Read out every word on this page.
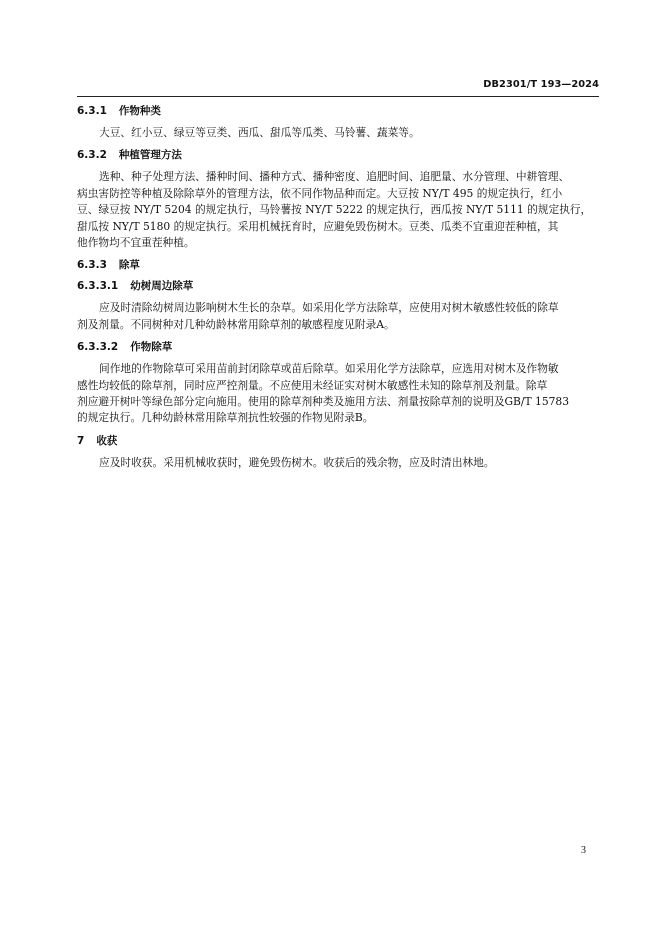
DB2301/T 193—2024
6.3.1 作物种类

大豆、红小豆、绿豆等豆类、西瓜、甜瓜等瓜类、马铃薯、蔬菜等。

6.3.2 种植管理方法

选种、种子处理方法、播种时间、播种方式、播种密度、追肥时间、追肥量、水分管理、中耕管理、
病虫害防控等种植及除除草外的管理方法，依不同作物品种而定。大豆按 NY/T 495 的规定执行，红小
豆、绿豆按 NY/T 5204 的规定执行，马铃薯按 NY/T 5222 的规定执行，西瓜按 NY/T 5111 的规定执行，
甜瓜按 NY/T 5180 的规定执行。采用机械抚育时，应避免毁伤树木。豆类、瓜类不宜重迎茬种植，其
他作物均不宜重茬种植。

6.3.3 除草
6.3.3.1 幼树周边除草

应及时清除幼树周边影响树木生长的杂草。如采用化学方法除草，应使用对树木敏感性较低的除草
剂及剂量。不同树种对几种幼龄林常用除草剂的敏感程度见附录A。

6.3.3.2 作物除草

间作地的作物除草可采用苗前封闭除草或苗后除草。如采用化学方法除草，应选用对树木及作物敏
感性均较低的除草剂，同时应严控剂量。不应使用未经证实对树木敏感性未知的除草剂及剂量。除草
剂应避开树叶等绿色部分定向施用。使用的除草剂种类及施用方法、剂量按除草剂的说明及GB/T 15783
的规定执行。几种幼龄林常用除草剂抗性较强的作物见附录B。

7 收获

应及时收获。采用机械收获时，避免毁伤树木。收获后的残余物，应及时清出林地。

3
